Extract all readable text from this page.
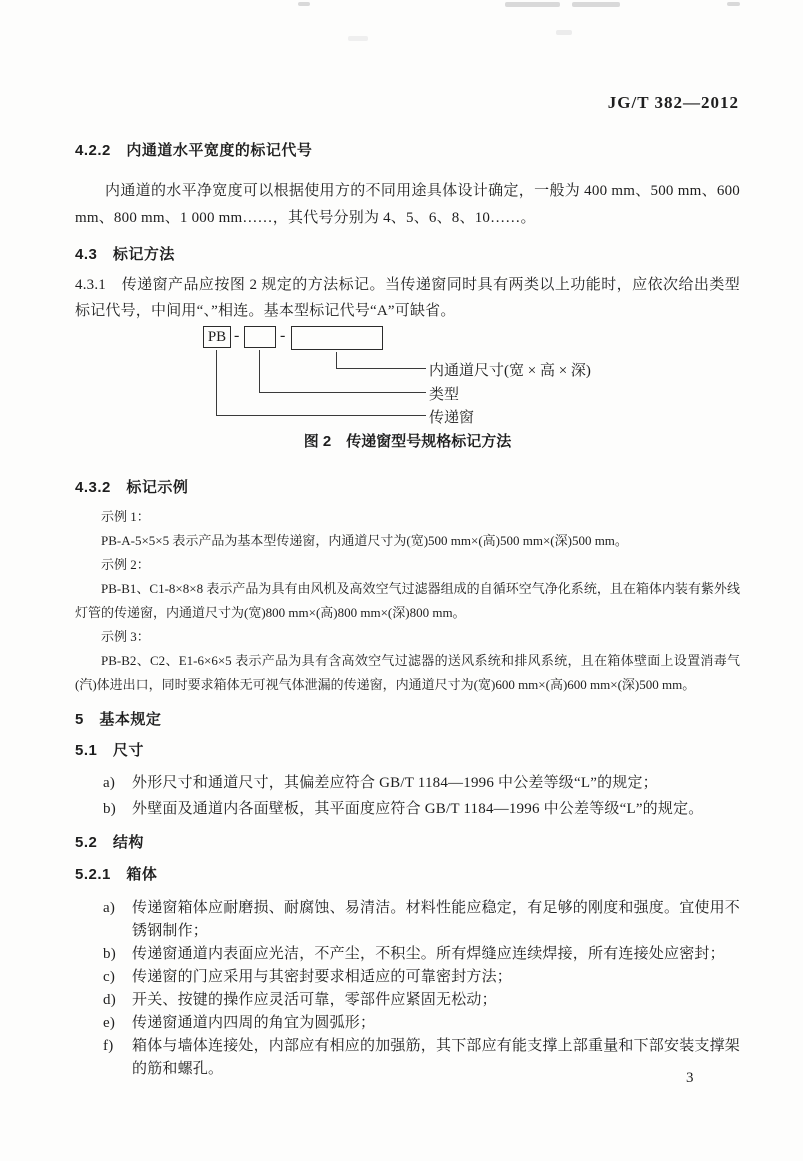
JG/T 382—2012
4.2.2　内通道水平宽度的标记代号

内通道的水平净宽度可以根据使用方的不同用途具体设计确定，一般为 400 mm、500 mm、600 mm、800 mm、1 000 mm……，其代号分别为 4、5、6、8、10……。

4.3　标记方法

4.3.1　传递窗产品应按图 2 规定的方法标记。当传递窗同时具有两类以上功能时，应依次给出类型标记代号，中间用“、”相连。基本型标记代号“A”可缺省。

PB -	-
内通道尺寸(宽 × 高 × 深)
类型
传递窗
图 2　传递窗型号规格标记方法
4.3.2　标记示例
示例 1：
PB-A-5×5×5 表示产品为基本型传递窗，内通道尺寸为(宽)500 mm×(高)500 mm×(深)500 mm。
示例 2：
PB-B1、C1-8×8×8 表示产品为具有由风机及高效空气过滤器组成的自循环空气净化系统，且在箱体内装有紫外线灯管的传递窗，内通道尺寸为(宽)800 mm×(高)800 mm×(深)800 mm。
示例 3：
PB-B2、C2、E1-6×6×5 表示产品为具有含高效空气过滤器的送风系统和排风系统，且在箱体壁面上设置消毒气(汽)体进出口，同时要求箱体无可视气体泄漏的传递窗，内通道尺寸为(宽)600 mm×(高)600 mm×(深)500 mm。
5　基本规定
5.1　尺寸
a) 外形尺寸和通道尺寸，其偏差应符合 GB/T 1184—1996 中公差等级“L”的规定；
b) 外壁面及通道内各面壁板，其平面度应符合 GB/T 1184—1996 中公差等级“L”的规定。
5.2　结构
5.2.1　箱体
a) 传递窗箱体应耐磨损、耐腐蚀、易清洁。材料性能应稳定，有足够的刚度和强度。宜使用不锈钢制作；
b) 传递窗通道内表面应光洁，不产尘，不积尘。所有焊缝应连续焊接，所有连接处应密封；
c) 传递窗的门应采用与其密封要求相适应的可靠密封方法；
d) 开关、按键的操作应灵活可靠，零部件应紧固无松动；
e) 传递窗通道内四周的角宜为圆弧形；
f) 箱体与墙体连接处，内部应有相应的加强筋，其下部应有能支撑上部重量和下部安装支撑架的筋和螺孔。
3
